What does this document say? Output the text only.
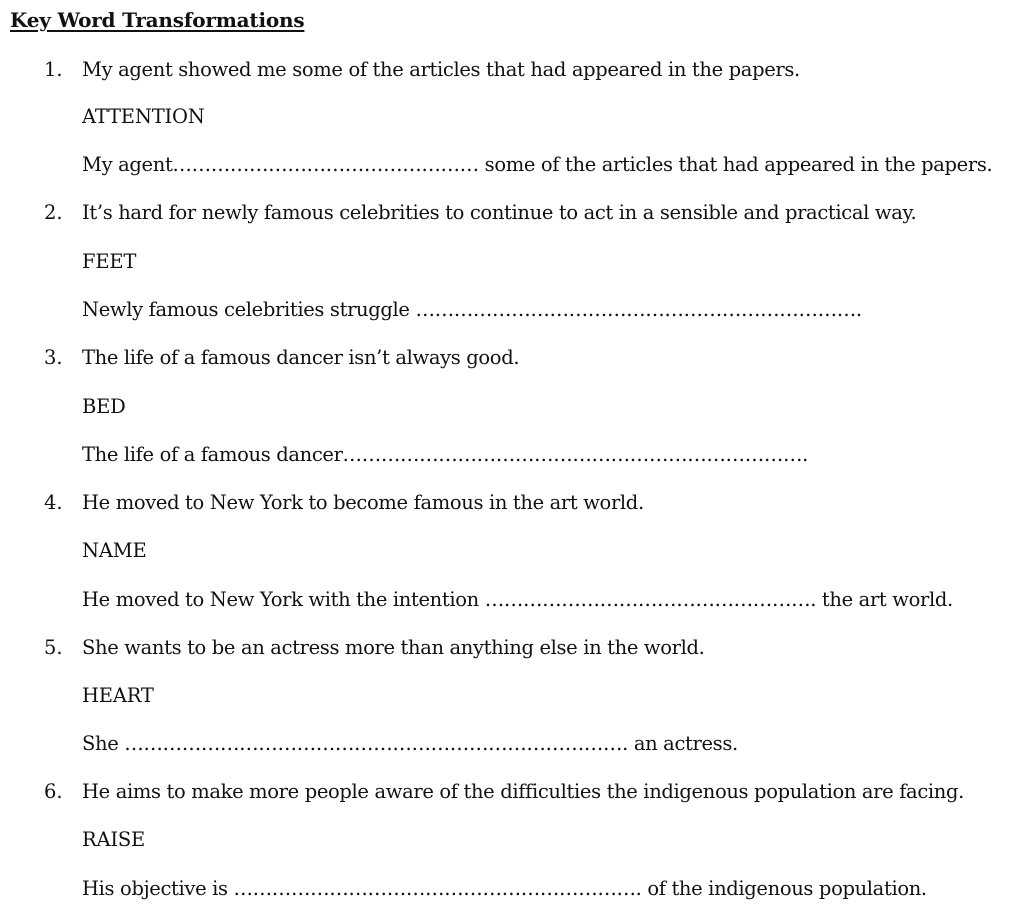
Key Word Transformations
1. My agent showed me some of the articles that had appeared in the papers.
ATTENTION
My agent………………………………………… some of the articles that had appeared in the papers.
2. It’s hard for newly famous celebrities to continue to act in a sensible and practical way.
FEET
Newly famous celebrities struggle …………………………………………………………….
3. The life of a famous dancer isn’t always good.
BED
The life of a famous dancer……………………………………………………………….
4. He moved to New York to become famous in the art world.
NAME
He moved to New York with the intention ……………………………………………. the art world.
5. She wants to be an actress more than anything else in the world.
HEART
She ……………………………………………………………………. an actress.
6. He aims to make more people aware of the difficulties the indigenous population are facing.
RAISE
His objective is ………………………………………………………. of the indigenous population.
